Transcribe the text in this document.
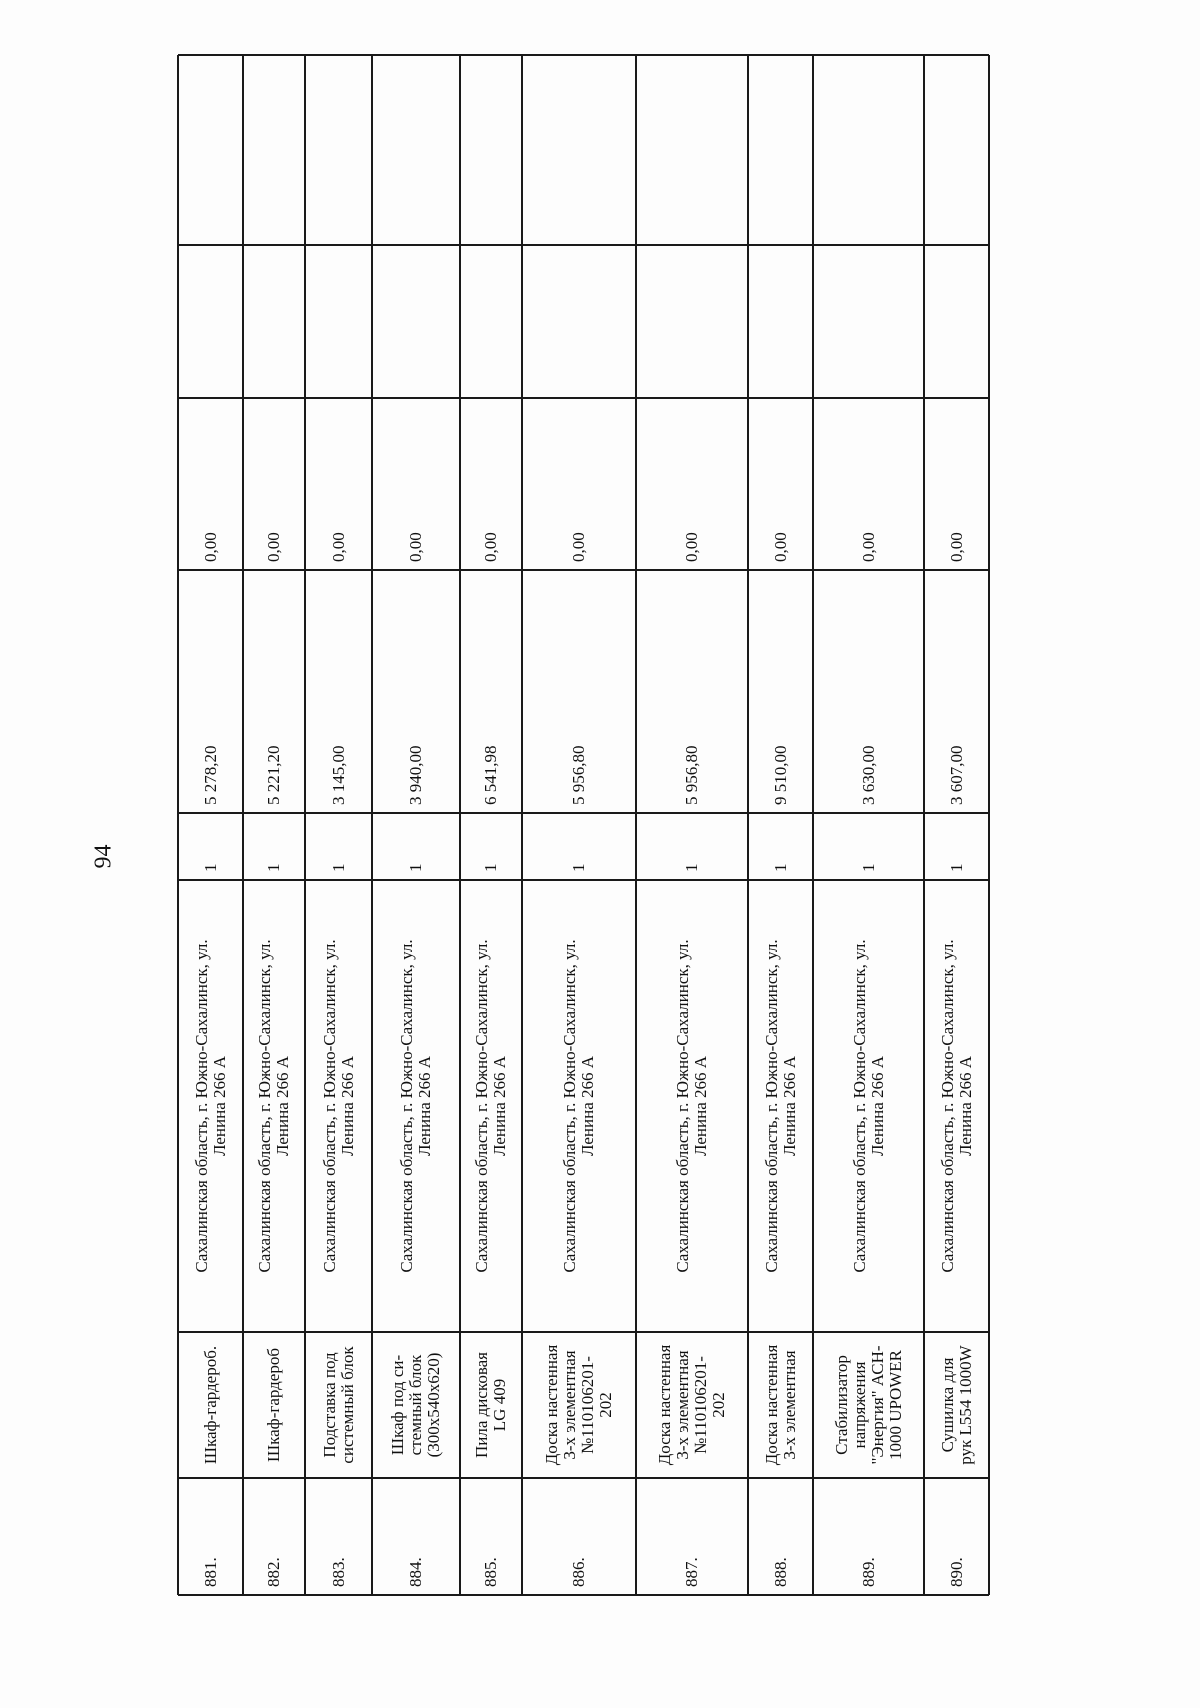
94
881.
Шкаф-гардероб.
Сахалинская область, г. Южно-Сахалинск, ул.
Ленина 266 А
1
5 278,20
0,00
882.
Шкаф-гардероб
Сахалинская область, г. Южно-Сахалинск, ул.
Ленина 266 А
1
5 221,20
0,00
883.
Подставка под
системный блок
Сахалинская область, г. Южно-Сахалинск, ул.
Ленина 266 А
1
3 145,00
0,00
884.
Шкаф под си-
стемный блок
(300х540х620)
Сахалинская область, г. Южно-Сахалинск, ул.
Ленина 266 А
1
3 940,00
0,00
885.
Пила дисковая
LG 409
Сахалинская область, г. Южно-Сахалинск, ул.
Ленина 266 А
1
6 541,98
0,00
886.
Доска настенная
3-х элементная
№110106201-
202
Сахалинская область, г. Южно-Сахалинск, ул.
Ленина 266 А
1
5 956,80
0,00
887.
Доска настенная
3-х элементная
№110106201-
202
Сахалинская область, г. Южно-Сахалинск, ул.
Ленина 266 А
1
5 956,80
0,00
888.
Доска настенная
3-х элементная
Сахалинская область, г. Южно-Сахалинск, ул.
Ленина 266 А
1
9 510,00
0,00
889.
Стабилизатор
напряжения
"Энергия" АСН-
1000 UPOWER
Сахалинская область, г. Южно-Сахалинск, ул.
Ленина 266 А
1
3 630,00
0,00
890.
Сушилка для
рук L554 1000W
Сахалинская область, г. Южно-Сахалинск, ул.
Ленина 266 А
1
3 607,00
0,00
